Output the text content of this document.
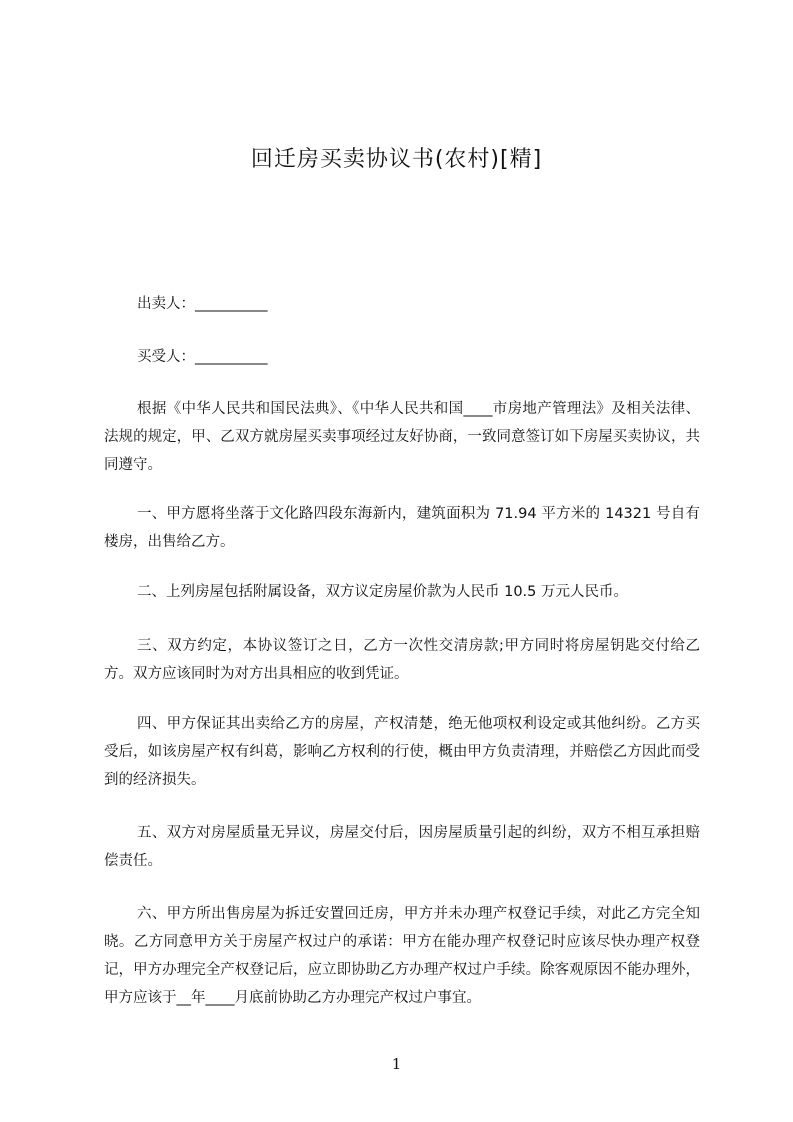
回迁房买卖协议书(农村)[精]

出卖人：__________

买受人：__________

根据《中华人民共和国民法典》、《中华人民共和国____市房地产管理法》及相关法律、法规的规定，甲、乙双方就房屋买卖事项经过友好协商，一致同意签订如下房屋买卖协议，共同遵守。

一、甲方愿将坐落于文化路四段东海新内，建筑面积为 71.94 平方米的 14321 号自有楼房，出售给乙方。

二、上列房屋包括附属设备，双方议定房屋价款为人民币 10.5 万元人民币。

三、双方约定，本协议签订之日，乙方一次性交清房款;甲方同时将房屋钥匙交付给乙方。双方应该同时为对方出具相应的收到凭证。

四、甲方保证其出卖给乙方的房屋，产权清楚，绝无他项权利设定或其他纠纷。乙方买受后，如该房屋产权有纠葛，影响乙方权利的行使，概由甲方负责清理，并赔偿乙方因此而受到的经济损失。

五、双方对房屋质量无异议，房屋交付后，因房屋质量引起的纠纷，双方不相互承担赔偿责任。

六、甲方所出售房屋为拆迁安置回迁房，甲方并未办理产权登记手续，对此乙方完全知晓。乙方同意甲方关于房屋产权过户的承诺：甲方在能办理产权登记时应该尽快办理产权登记，甲方办理完全产权登记后，应立即协助乙方办理产权过户手续。除客观原因不能办理外，甲方应该于__年____月底前协助乙方办理完产权过户事宜。

1
